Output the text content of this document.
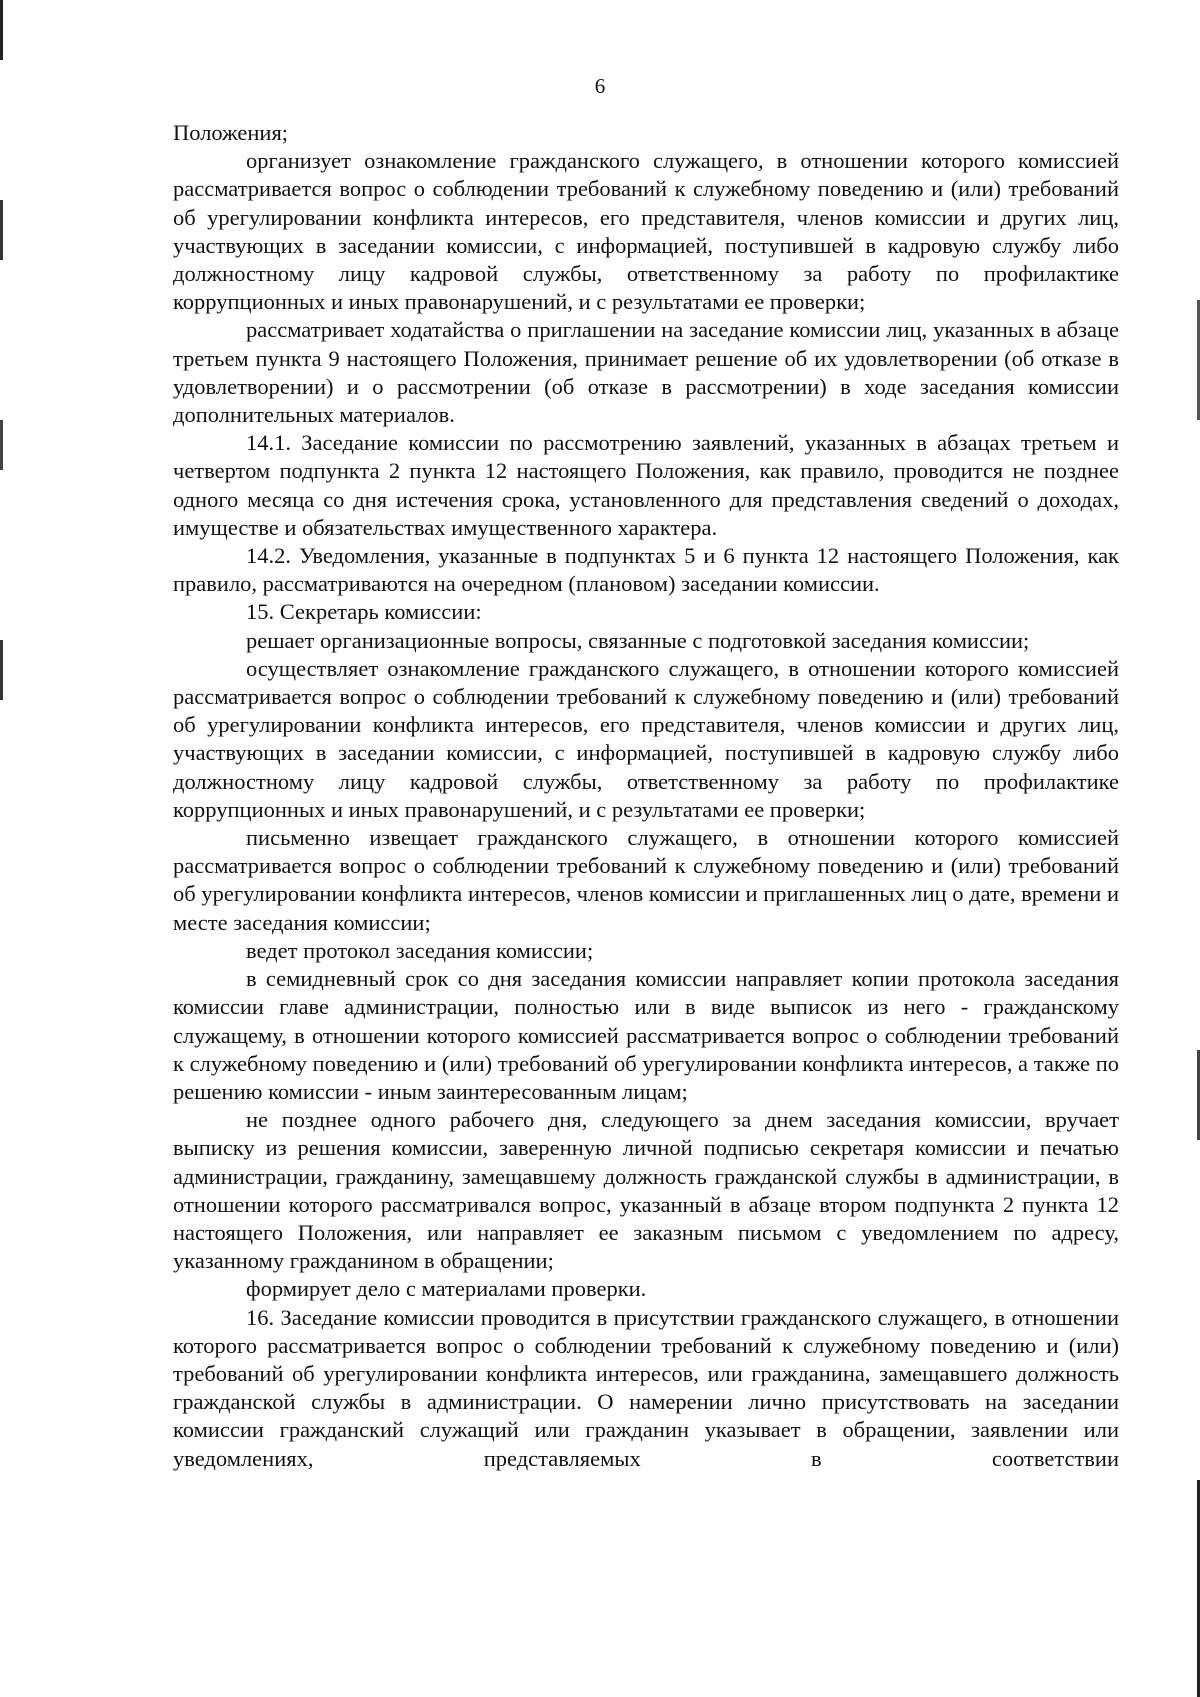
6

Положения;

организует ознакомление гражданского служащего, в отношении которого комиссией рассматривается вопрос о соблюдении требований к служебному поведению и (или) требований об урегулировании конфликта интересов, его представителя, членов комиссии и других лиц, участвующих в заседании комиссии, с информацией, поступившей в кадровую службу либо должностному лицу кадровой службы, ответственному за работу по профилактике коррупционных и иных правонарушений, и с результатами ее проверки;

рассматривает ходатайства о приглашении на заседание комиссии лиц, указанных в абзаце третьем пункта 9 настоящего Положения, принимает решение об их удовлетворении (об отказе в удовлетворении) и о рассмотрении (об отказе в рассмотрении) в ходе заседания комиссии дополнительных материалов.

14.1. Заседание комиссии по рассмотрению заявлений, указанных в абзацах третьем и четвертом подпункта 2 пункта 12 настоящего Положения, как правило, проводится не позднее одного месяца со дня истечения срока, установленного для представления сведений о доходах, имуществе и обязательствах имущественного характера.

14.2. Уведомления, указанные в подпунктах 5 и 6 пункта 12 настоящего Положения, как правило, рассматриваются на очередном (плановом) заседании комиссии.

15. Секретарь комиссии:

решает организационные вопросы, связанные с подготовкой заседания комиссии;

осуществляет ознакомление гражданского служащего, в отношении которого комиссией рассматривается вопрос о соблюдении требований к служебному поведению и (или) требований об урегулировании конфликта интересов, его представителя, членов комиссии и других лиц, участвующих в заседании комиссии, с информацией, поступившей в кадровую службу либо должностному лицу кадровой службы, ответственному за работу по профилактике коррупционных и иных правонарушений, и с результатами ее проверки;

письменно извещает гражданского служащего, в отношении которого комиссией рассматривается вопрос о соблюдении требований к служебному поведению и (или) требований об урегулировании конфликта интересов, членов комиссии и приглашенных лиц о дате, времени и месте заседания комиссии;

ведет протокол заседания комиссии;

в семидневный срок со дня заседания комиссии направляет копии протокола заседания комиссии главе администрации, полностью или в виде выписок из него - гражданскому служащему, в отношении которого комиссией рассматривается вопрос о соблюдении требований к служебному поведению и (или) требований об урегулировании конфликта интересов, а также по решению комиссии - иным заинтересованным лицам;

не позднее одного рабочего дня, следующего за днем заседания комиссии, вручает выписку из решения комиссии, заверенную личной подписью секретаря комиссии и печатью администрации, гражданину, замещавшему должность гражданской службы в администрации, в отношении которого рассматривался вопрос, указанный в абзаце втором подпункта 2 пункта 12 настоящего Положения, или направляет ее заказным письмом с уведомлением по адресу, указанному гражданином в обращении;

формирует дело с материалами проверки.

16. Заседание комиссии проводится в присутствии гражданского служащего, в отношении которого рассматривается вопрос о соблюдении требований к служебному поведению и (или) требований об урегулировании конфликта интересов, или гражданина, замещавшего должность гражданской службы в администрации. О намерении лично присутствовать на заседании комиссии гражданский служащий или гражданин указывает в обращении, заявлении или уведомлениях, представляемых в соответствии
